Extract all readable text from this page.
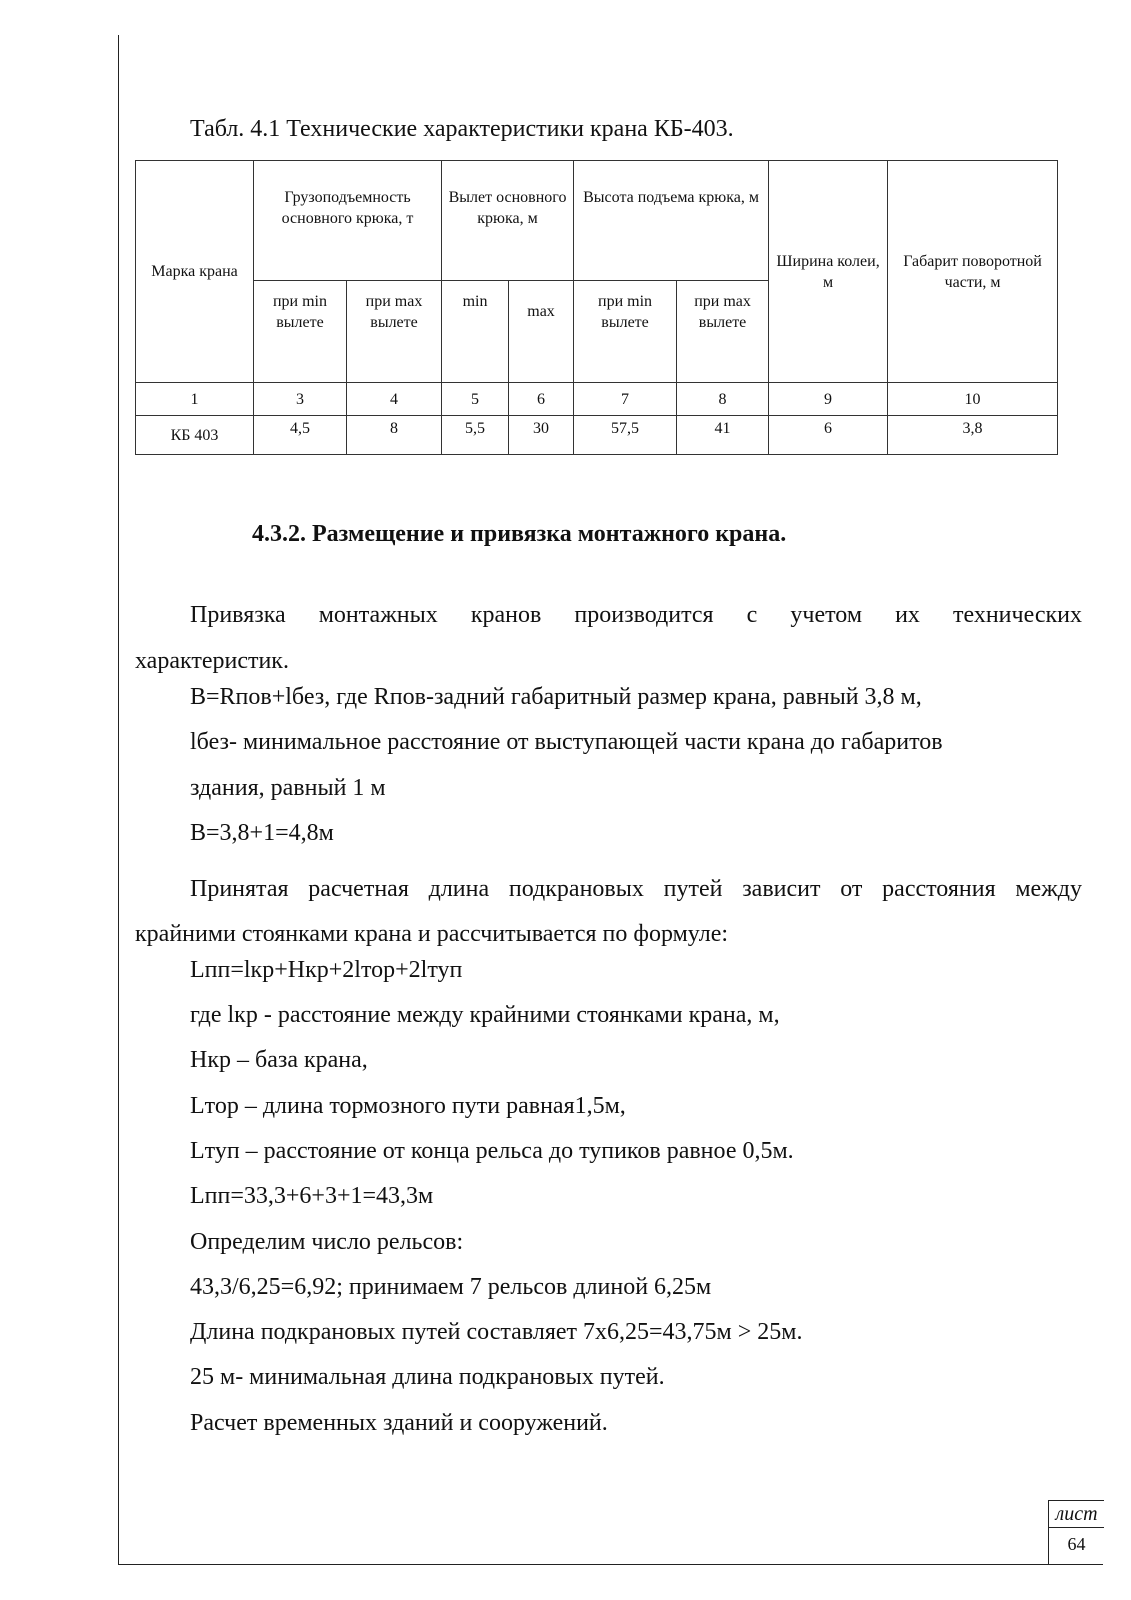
Табл. 4.1 Технические характеристики крана КБ-403.
Марка крана	Грузоподъемность основного крюка, т		Вылет основного крюка, м		Высота подъема крюка, м		Ширина колеи, м	Габарит поворотной части, м
	при min вылете	при max вылете	min	max	при min вылете	при max вылете		
1	3	4	5	6	7	8	9	10
КБ 403	4,5	8	5,5	30	57,5	41	6	3,8
4.3.2. Размещение и привязка монтажного крана.
Привязка монтажных кранов производится с учетом их технических
характеристик.
B=Rпов+lбез, где Rпов-задний габаритный размер крана, равный 3,8 м,
lбез- минимальное расстояние от выступающей части крана до габаритов
здания, равный 1 м
B=3,8+1=4,8м
Принятая расчетная длина подкрановых путей зависит от расстояния между
крайними стоянками крана и рассчитывается по формуле:
Lпп=lкр+Hкр+2lтор+2lтуп
где lкр - расстояние между крайними стоянками крана, м,
Hкр – база крана,
Lтор – длина тормозного пути равная1,5м,
Lтуп – расстояние от конца рельса до тупиков равное 0,5м.
Lпп=33,3+6+3+1=43,3м
Определим число рельсов:
43,3/6,25=6,92; принимаем 7 рельсов длиной 6,25м
Длина подкрановых путей составляет 7х6,25=43,75м > 25м.
25 м- минимальная длина подкрановых путей.
Расчет временных зданий и сооружений.
лист
64
